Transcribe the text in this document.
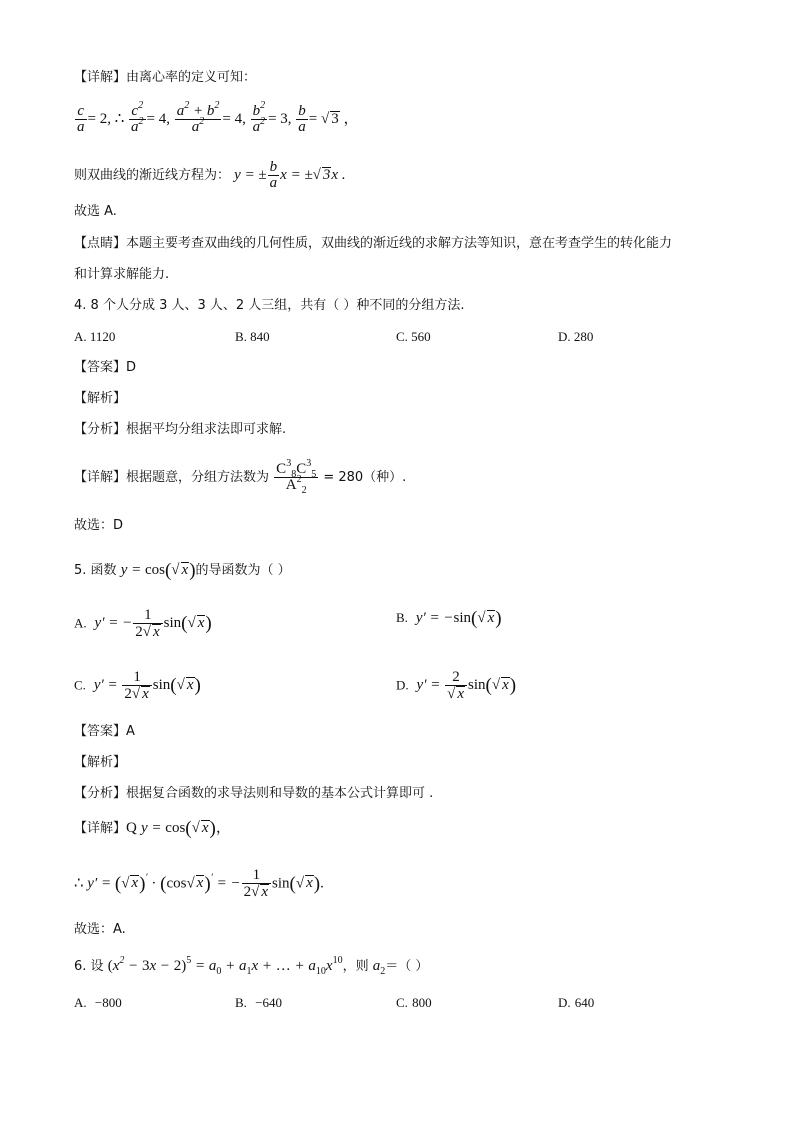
【详解】由离心率的定义可知：
$\frac{c}{a} = 2$, ∴ $\frac{c^2}{a^2} = 4$, $\frac{a^2 + b^2}{a^2} = 4$, $\frac{b^2}{a^2} = 3$, $\frac{b}{a}$ = √ 3 ，
则双曲线的渐近线方程为： y = ± $\frac{b}{a}$ x = ±√ 3x .
故选 A.
【点睛】本题主要考查双曲线的几何性质，双曲线的渐近线的求解方法等知识，意在考查学生的转化能力
和计算求解能力.
4. 8 个人分成 3 人、3 人、2 人三组，共有（ ）种不同的分组方法.
A. 1120	B. 840	C. 560	D. 280
【答案】D
【解析】
【分析】根据平均分组求法即可求解.
【详解】根据题意，分组方法数为 $\frac{C^3_8C^3_5}{A^2_2} = 280$（种）.
故选：D
5. 函数 y = cos(√ x)的导函数为（ ）
A.  y′ = − $\frac{1}{2√ x} \sin(√$ x)	B.  y′ = −sin(√ x)
C.  $y' = \frac{1}{2√ x} \sin(√$ x)	D.  $y' = \frac{2}{√ x} \sin(√$ x)
【答案】A
【解析】
【分析】根据复合函数的求导法则和导数的基本公式计算即可 .
【详解】Q y = cos(√ x)，
∴ y′ = (√ x)′ · (cos√ x)′ = − $\frac{1}{2√ x} \sin(√$ x).
故选：A.
6. 设 $(x^2 - 3x - 2)^5 = a_0 + a_1x$ + … + $a_{10}x^{10}$，则 $a_2=$（ ）
A. −800	B. −640	C. 800	D. 640
